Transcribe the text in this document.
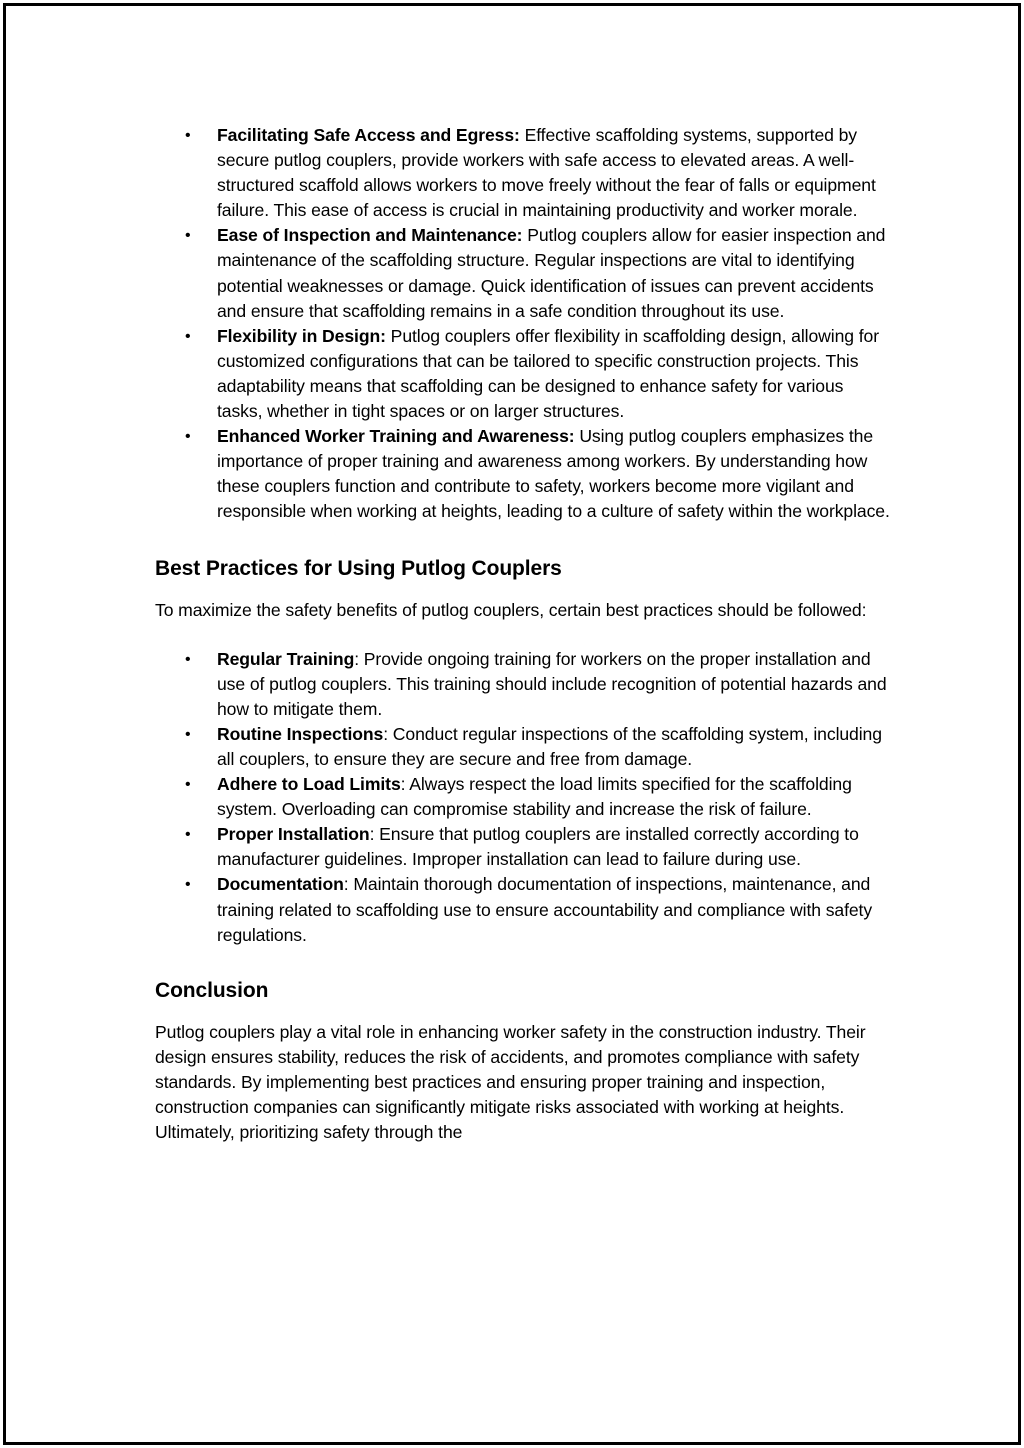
• Facilitating Safe Access and Egress: Effective scaffolding systems, supported by secure putlog couplers, provide workers with safe access to elevated areas. A well-structured scaffold allows workers to move freely without the fear of falls or equipment failure. This ease of access is crucial in maintaining productivity and worker morale.
• Ease of Inspection and Maintenance: Putlog couplers allow for easier inspection and maintenance of the scaffolding structure. Regular inspections are vital to identifying potential weaknesses or damage. Quick identification of issues can prevent accidents and ensure that scaffolding remains in a safe condition throughout its use.
• Flexibility in Design: Putlog couplers offer flexibility in scaffolding design, allowing for customized configurations that can be tailored to specific construction projects. This adaptability means that scaffolding can be designed to enhance safety for various tasks, whether in tight spaces or on larger structures.
• Enhanced Worker Training and Awareness: Using putlog couplers emphasizes the importance of proper training and awareness among workers. By understanding how these couplers function and contribute to safety, workers become more vigilant and responsible when working at heights, leading to a culture of safety within the workplace.
Best Practices for Using Putlog Couplers

To maximize the safety benefits of putlog couplers, certain best practices should be followed:

• Regular Training: Provide ongoing training for workers on the proper installation and use of putlog couplers. This training should include recognition of potential hazards and how to mitigate them.
• Routine Inspections: Conduct regular inspections of the scaffolding system, including all couplers, to ensure they are secure and free from damage.
• Adhere to Load Limits: Always respect the load limits specified for the scaffolding system. Overloading can compromise stability and increase the risk of failure.
• Proper Installation: Ensure that putlog couplers are installed correctly according to manufacturer guidelines. Improper installation can lead to failure during use.
• Documentation: Maintain thorough documentation of inspections, maintenance, and training related to scaffolding use to ensure accountability and compliance with safety regulations.
Conclusion

Putlog couplers play a vital role in enhancing worker safety in the construction industry. Their design ensures stability, reduces the risk of accidents, and promotes compliance with safety standards. By implementing best practices and ensuring proper training and inspection, construction companies can significantly mitigate risks associated with working at heights. Ultimately, prioritizing safety through the
